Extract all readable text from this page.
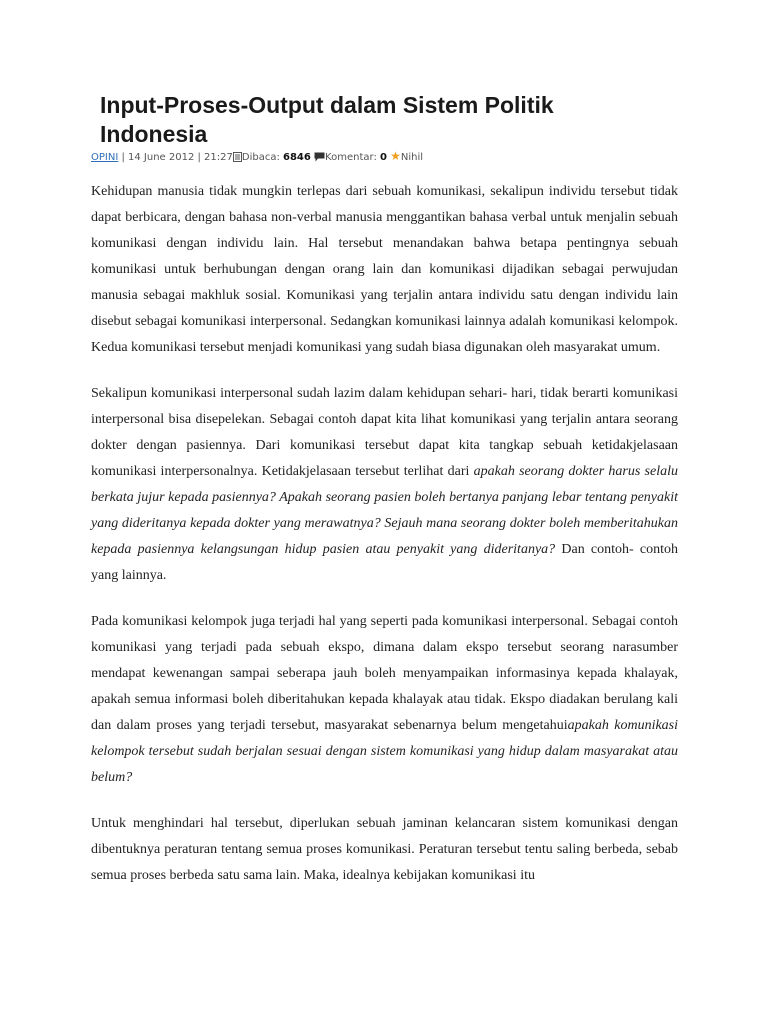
Input-Proses-Output dalam Sistem Politik Indonesia
OPINI | 14 June 2012 | 21:27 Dibaca: 6846 Komentar: 0 ★Nihil

Kehidupan manusia tidak mungkin terlepas dari sebuah komunikasi, sekalipun individu tersebut tidak dapat berbicara, dengan bahasa non-verbal manusia menggantikan bahasa verbal untuk menjalin sebuah komunikasi dengan individu lain. Hal tersebut menandakan bahwa betapa pentingnya sebuah komunikasi untuk berhubungan dengan orang lain dan komunikasi dijadikan sebagai perwujudan manusia sebagai makhluk sosial. Komunikasi yang terjalin antara individu satu dengan individu lain disebut sebagai komunikasi interpersonal. Sedangkan komunikasi lainnya adalah komunikasi kelompok. Kedua komunikasi tersebut menjadi komunikasi yang sudah biasa digunakan oleh masyarakat umum.

Sekalipun komunikasi interpersonal sudah lazim dalam kehidupan sehari- hari, tidak berarti komunikasi interpersonal bisa disepelekan. Sebagai contoh dapat kita lihat komunikasi yang terjalin antara seorang dokter dengan pasiennya. Dari komunikasi tersebut dapat kita tangkap sebuah ketidakjelasaan komunikasi interpersonalnya. Ketidakjelasaan tersebut terlihat dari apakah seorang dokter harus selalu berkata jujur kepada pasiennya? Apakah seorang pasien boleh bertanya panjang lebar tentang penyakit yang dideritanya kepada dokter yang merawatnya? Sejauh mana seorang dokter boleh memberitahukan kepada pasiennya kelangsungan hidup pasien atau penyakit yang dideritanya? Dan contoh- contoh yang lainnya.

Pada komunikasi kelompok juga terjadi hal yang seperti pada komunikasi interpersonal. Sebagai contoh komunikasi yang terjadi pada sebuah ekspo, dimana dalam ekspo tersebut seorang narasumber mendapat kewenangan sampai seberapa jauh boleh menyampaikan informasinya kepada khalayak, apakah semua informasi boleh diberitahukan kepada khalayak atau tidak. Ekspo diadakan berulang kali dan dalam proses yang terjadi tersebut, masyarakat sebenarnya belum mengetahuiapakah komunikasi kelompok tersebut sudah berjalan sesuai dengan sistem komunikasi yang hidup dalam masyarakat atau belum?

Untuk menghindari hal tersebut, diperlukan sebuah jaminan kelancaran sistem komunikasi dengan dibentuknya peraturan tentang semua proses komunikasi. Peraturan tersebut tentu saling berbeda, sebab semua proses berbeda satu sama lain. Maka, idealnya kebijakan komunikasi itu
